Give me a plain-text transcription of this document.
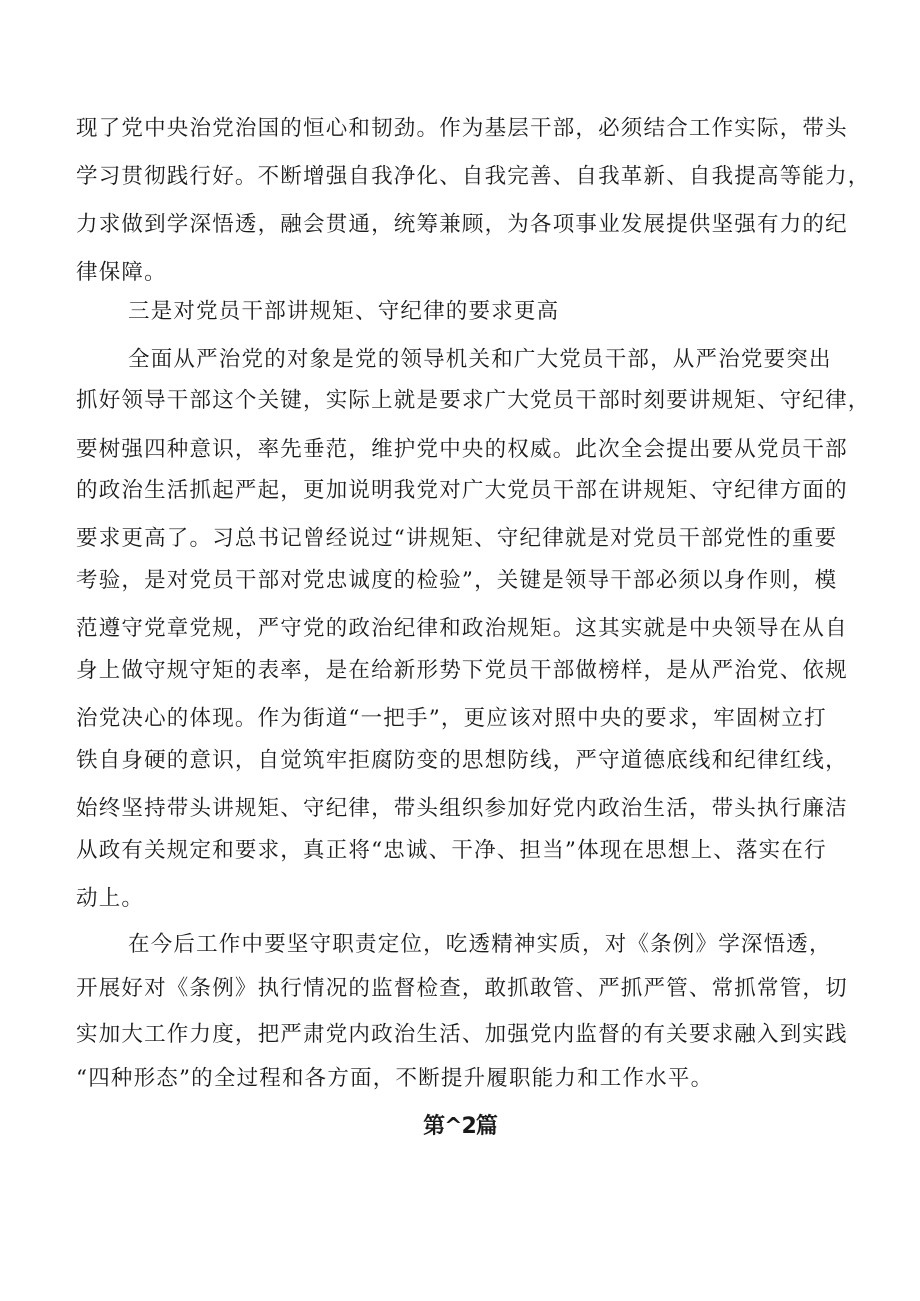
现了党中央治党治国的恒心和韧劲。作为基层干部，必须结合工作实际，带头
学习贯彻践行好。不断增强自我净化、自我完善、自我革新、自我提高等能力，
力求做到学深悟透，融会贯通，统筹兼顾，为各项事业发展提供坚强有力的纪
律保障。
三是对党员干部讲规矩、守纪律的要求更高
全面从严治党的对象是党的领导机关和广大党员干部，从严治党要突出
抓好领导干部这个关键，实际上就是要求广大党员干部时刻要讲规矩、守纪律，
要树强四种意识，率先垂范，维护党中央的权威。此次全会提出要从党员干部
的政治生活抓起严起，更加说明我党对广大党员干部在讲规矩、守纪律方面的
要求更高了。习总书记曾经说过“讲规矩、守纪律就是对党员干部党性的重要
考验，是对党员干部对党忠诚度的检验”，关键是领导干部必须以身作则，模
范遵守党章党规，严守党的政治纪律和政治规矩。这其实就是中央领导在从自
身上做守规守矩的表率，是在给新形势下党员干部做榜样，是从严治党、依规
治党决心的体现。作为街道“一把手”，更应该对照中央的要求，牢固树立打
铁自身硬的意识，自觉筑牢拒腐防变的思想防线，严守道德底线和纪律红线，
始终坚持带头讲规矩、守纪律，带头组织参加好党内政治生活，带头执行廉洁
从政有关规定和要求，真正将“忠诚、干净、担当”体现在思想上、落实在行
动上。
在今后工作中要坚守职责定位，吃透精神实质，对《条例》学深悟透，
开展好对《条例》执行情况的监督检查，敢抓敢管、严抓严管、常抓常管，切
实加大工作力度，把严肃党内政治生活、加强党内监督的有关要求融入到实践
“四种形态”的全过程和各方面，不断提升履职能力和工作水平。
第^2篇
